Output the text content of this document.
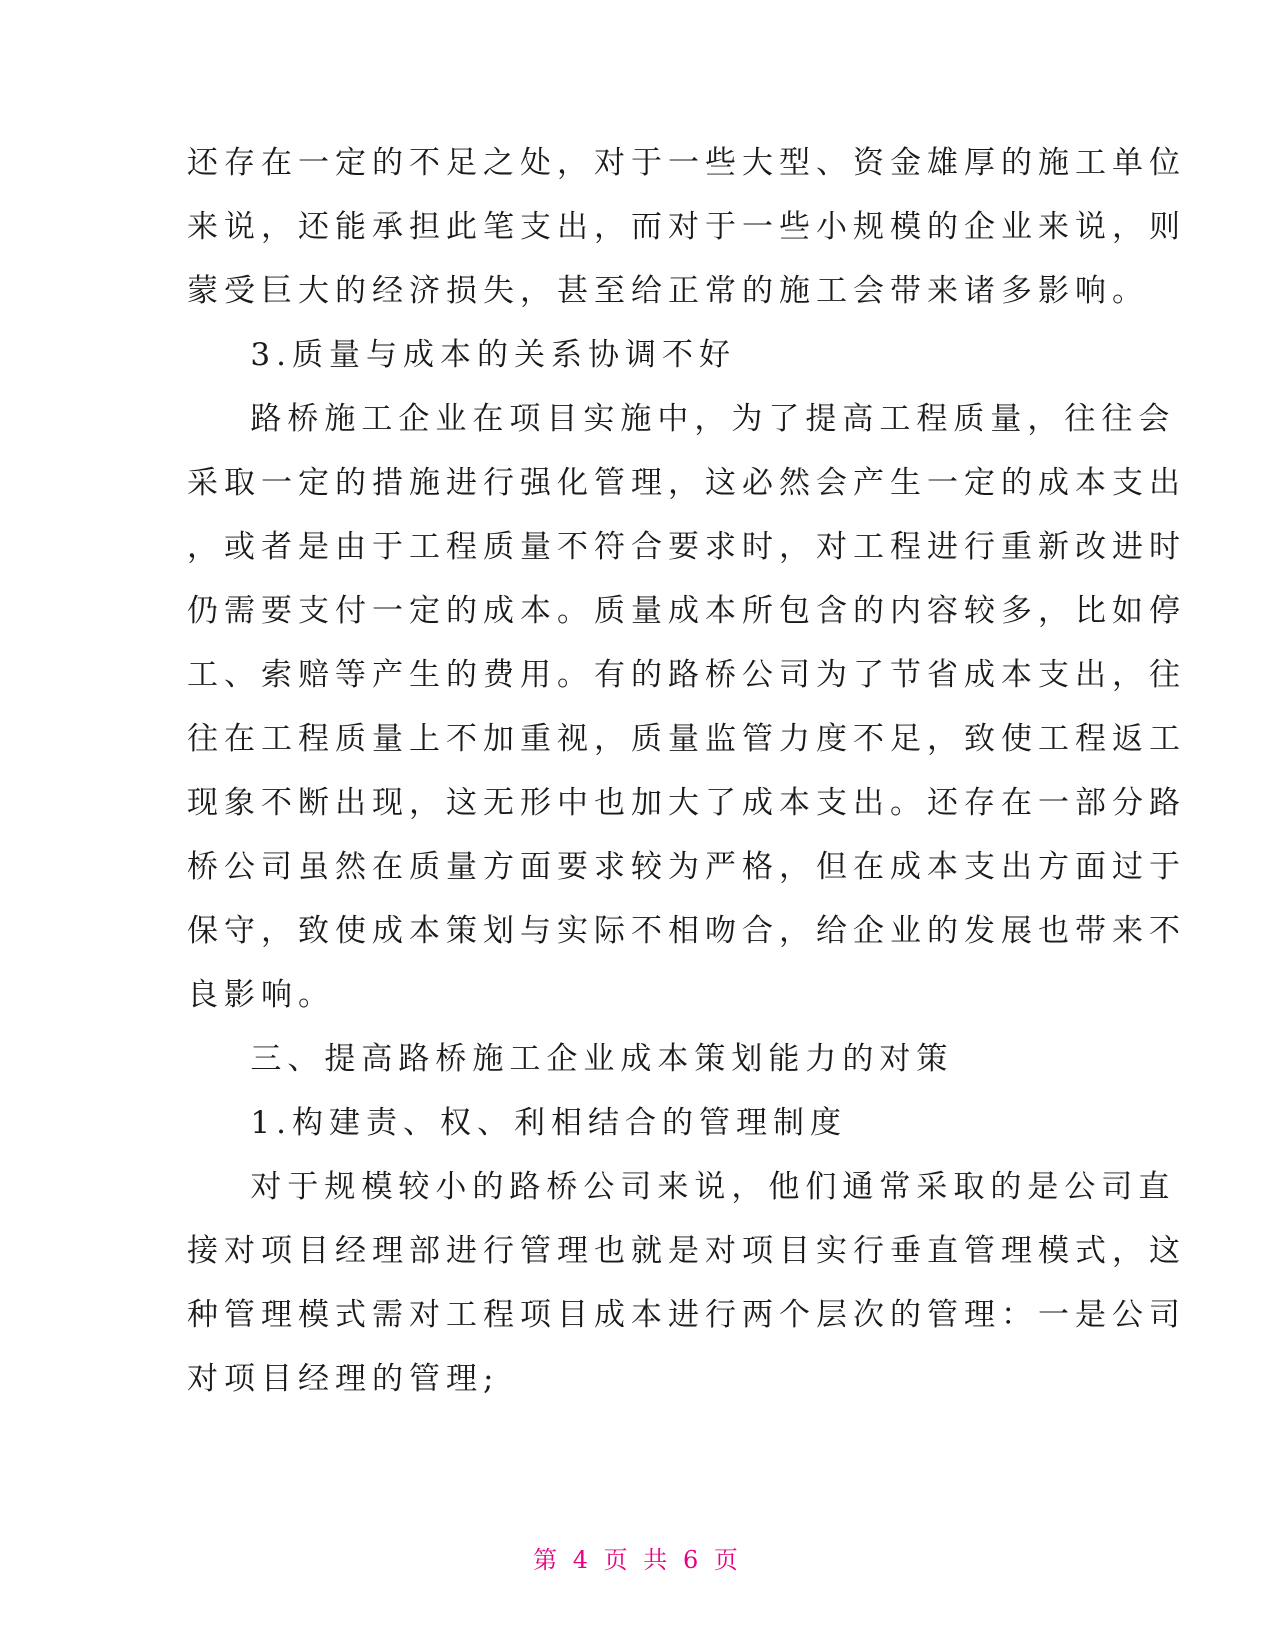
还存在一定的不足之处，对于一些大型、资金雄厚的施工单位
来说，还能承担此笔支出，而对于一些小规模的企业来说，则
蒙受巨大的经济损失，甚至给正常的施工会带来诸多影响。
3.质量与成本的关系协调不好
路桥施工企业在项目实施中，为了提高工程质量，往往会
采取一定的措施进行强化管理，这必然会产生一定的成本支出
，或者是由于工程质量不符合要求时，对工程进行重新改进时
仍需要支付一定的成本。质量成本所包含的内容较多，比如停
工、索赔等产生的费用。有的路桥公司为了节省成本支出，往
往在工程质量上不加重视，质量监管力度不足，致使工程返工
现象不断出现，这无形中也加大了成本支出。还存在一部分路
桥公司虽然在质量方面要求较为严格，但在成本支出方面过于
保守，致使成本策划与实际不相吻合，给企业的发展也带来不
良影响。
三、提高路桥施工企业成本策划能力的对策
1.构建责、权、利相结合的管理制度
对于规模较小的路桥公司来说，他们通常采取的是公司直
接对项目经理部进行管理也就是对项目实行垂直管理模式，这
种管理模式需对工程项目成本进行两个层次的管理：一是公司
对项目经理的管理;
第 4 页 共 6 页
